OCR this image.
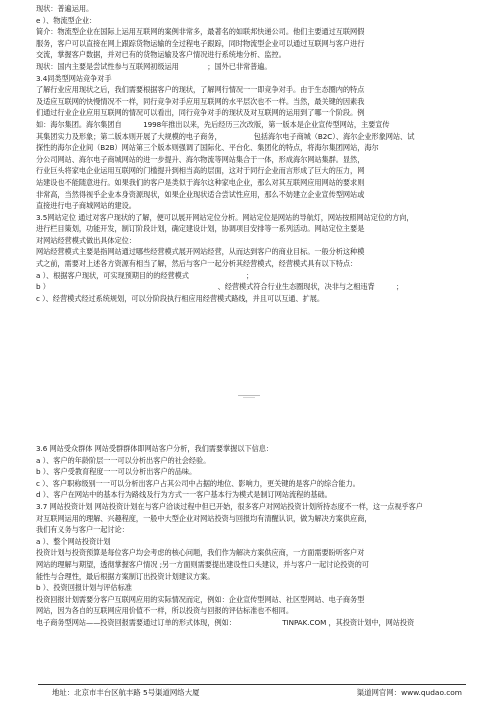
现状：普遍运用。
e ）、物流型企业：
简介：物流型企业在国际上运用互联网的案例非常多，最著名的如联邦快递公司。他们主要通过互联网假
服务，客户可以直接在网上跟踪货物运输的全过程电子跟踪，同时物流型企业可以通过互联网与客户进行
交流，掌握客户数据，并对已有的货物运输及客户情况进行系统地分析、监控。
现状：国内主要是尝试性参与互联网初级运用　　　　；国外已非常普遍。
3.4同类型网站竞争对手
了解行业应用现状之后，我们需要根据客户的现状，了解网行情况一一即竞争对手。由于生态圈内的特点
及适应互联网的快慢情况不一样，同行竞争对手应用互联网的水平层次也不一样。当然，最关键的因素我
们通过行业企业应用互联网的情况可以看出，同行竞争对手的现状及对互联网的运用到了哪一个阶段。例
如：海尔集团。海尔集团自　　　1998年推出以来，先后经历三次改版，第一版本是企业宣传型网站，主要宣传
其集团实力及形象；第二版本则开展了大规模的电子商务，　　　　　包括海尔电子商城（B2C）、海尔企业形象网站、试
探性的海尔企业间（B2B）网站第三个版本则强调了国际化、平台化、集团化的特点，将海尔集团网站，海尔
分公司网站、海尔电子商城网站的进一步提升、海尔物流等网站集合于一体，形成海尔网站集群。显然，
行业巨头将家电企业运用互联网的门槛提升到相当高的层面，这对于同行企业而言形成了巨大的压力，网
站建设也不能随意进行。如果我们的客户是类似于海尔这种家电企业，那么对其互联网应用网站的要求则
非常高，当然得视乎企业本身资源现状，如果企业现状适合尝试性应用，那么不妨建立企业宣传型网站或
直接进行电子商城网站的建设。
3.5网站定位 通过对客户现状的了解，便可以展开网站定位分析。网站定位是网站的导航灯，网站按照网站定位的方向，
进行栏目策划，功能开发，制订阶段计划，确定建设计划，协调项目安排等一系列活动。网站定位主要是
对网站经营模式做出具体定位：
网站经营模式主要是指网站通过哪些经营模式展开网站经营，从而达到客户的商业目标。一般分析这种模
式之前，需要对上述各方资源有相当了解，然后与客户一起分析其经营模式，经营模式具有以下特点：
a ）、根据客户现状，可实现预期目的的经营模式　　　　　　　　；
b ）　　　　　　　　　　　　　　　　　　　　　　　　、经营模式符合行业生态圈现状，决非与之相违背　　　；
c ）、经营模式经过系统规划，可以分阶段执行相应用经营模式路线，并且可以互通、扩展。
3.6 网站受众群体 网站受群群体即网站客户分析，我们需要掌握以下信息：
a ）、客户的年龄阶层一一可以分析出客户的社会经验。
b ）、客户受教育程度一一可以分析出客户的品味。
c ）、客户职称级别一一可以分析出客户占其公司中占据的地位、影响力，更关键的是客户的综合能力。
d ）、客户在网站中的基本行为路线及行为方式一一客户基本行为模式是制订网站流程的基础。
3.7 网站投资计划 网站投资计划在与客户洽谈过程中但已开始，很多客户对网站投资计划所持态度不一样，这一点视乎客户
对互联网运用的理解、兴趣程度，一般中大型企业对网站投资与回报均有清醒认识，做为解决方案供应商，
我们有义务与客户一起讨论：
a ）、整个网站投资计划
投资计划与投资预算是每位客户均会考虑的核心问题，我们作为解决方案供应商，一方面需要盼听客户对
网站的理解与期望，透彻掌握客户情况 ;另一方面则需要提出建设性口头建议，并与客户一起讨论投资的可
能性与合理性，最后根据方案制订出投资计划建议方案。
b ）、投资回报计划与评估标准
投资回报计划需要分客户互联网应用的实际情况而定，例如：企业宣传型网站、社区型网站、电子商务型
网站，因为各自的互联网应用价值不一样，所以投资与回报的评估标准也不相同。
电子商务型网站——投资回报需要通过订单的形式体现，例如：　　　　　　　TINPAK.COM ，其投资计划中，网站投资
地址：北京市丰台区航丰路 5号渠道网络大厦	渠道网官网：www.qudao.com
